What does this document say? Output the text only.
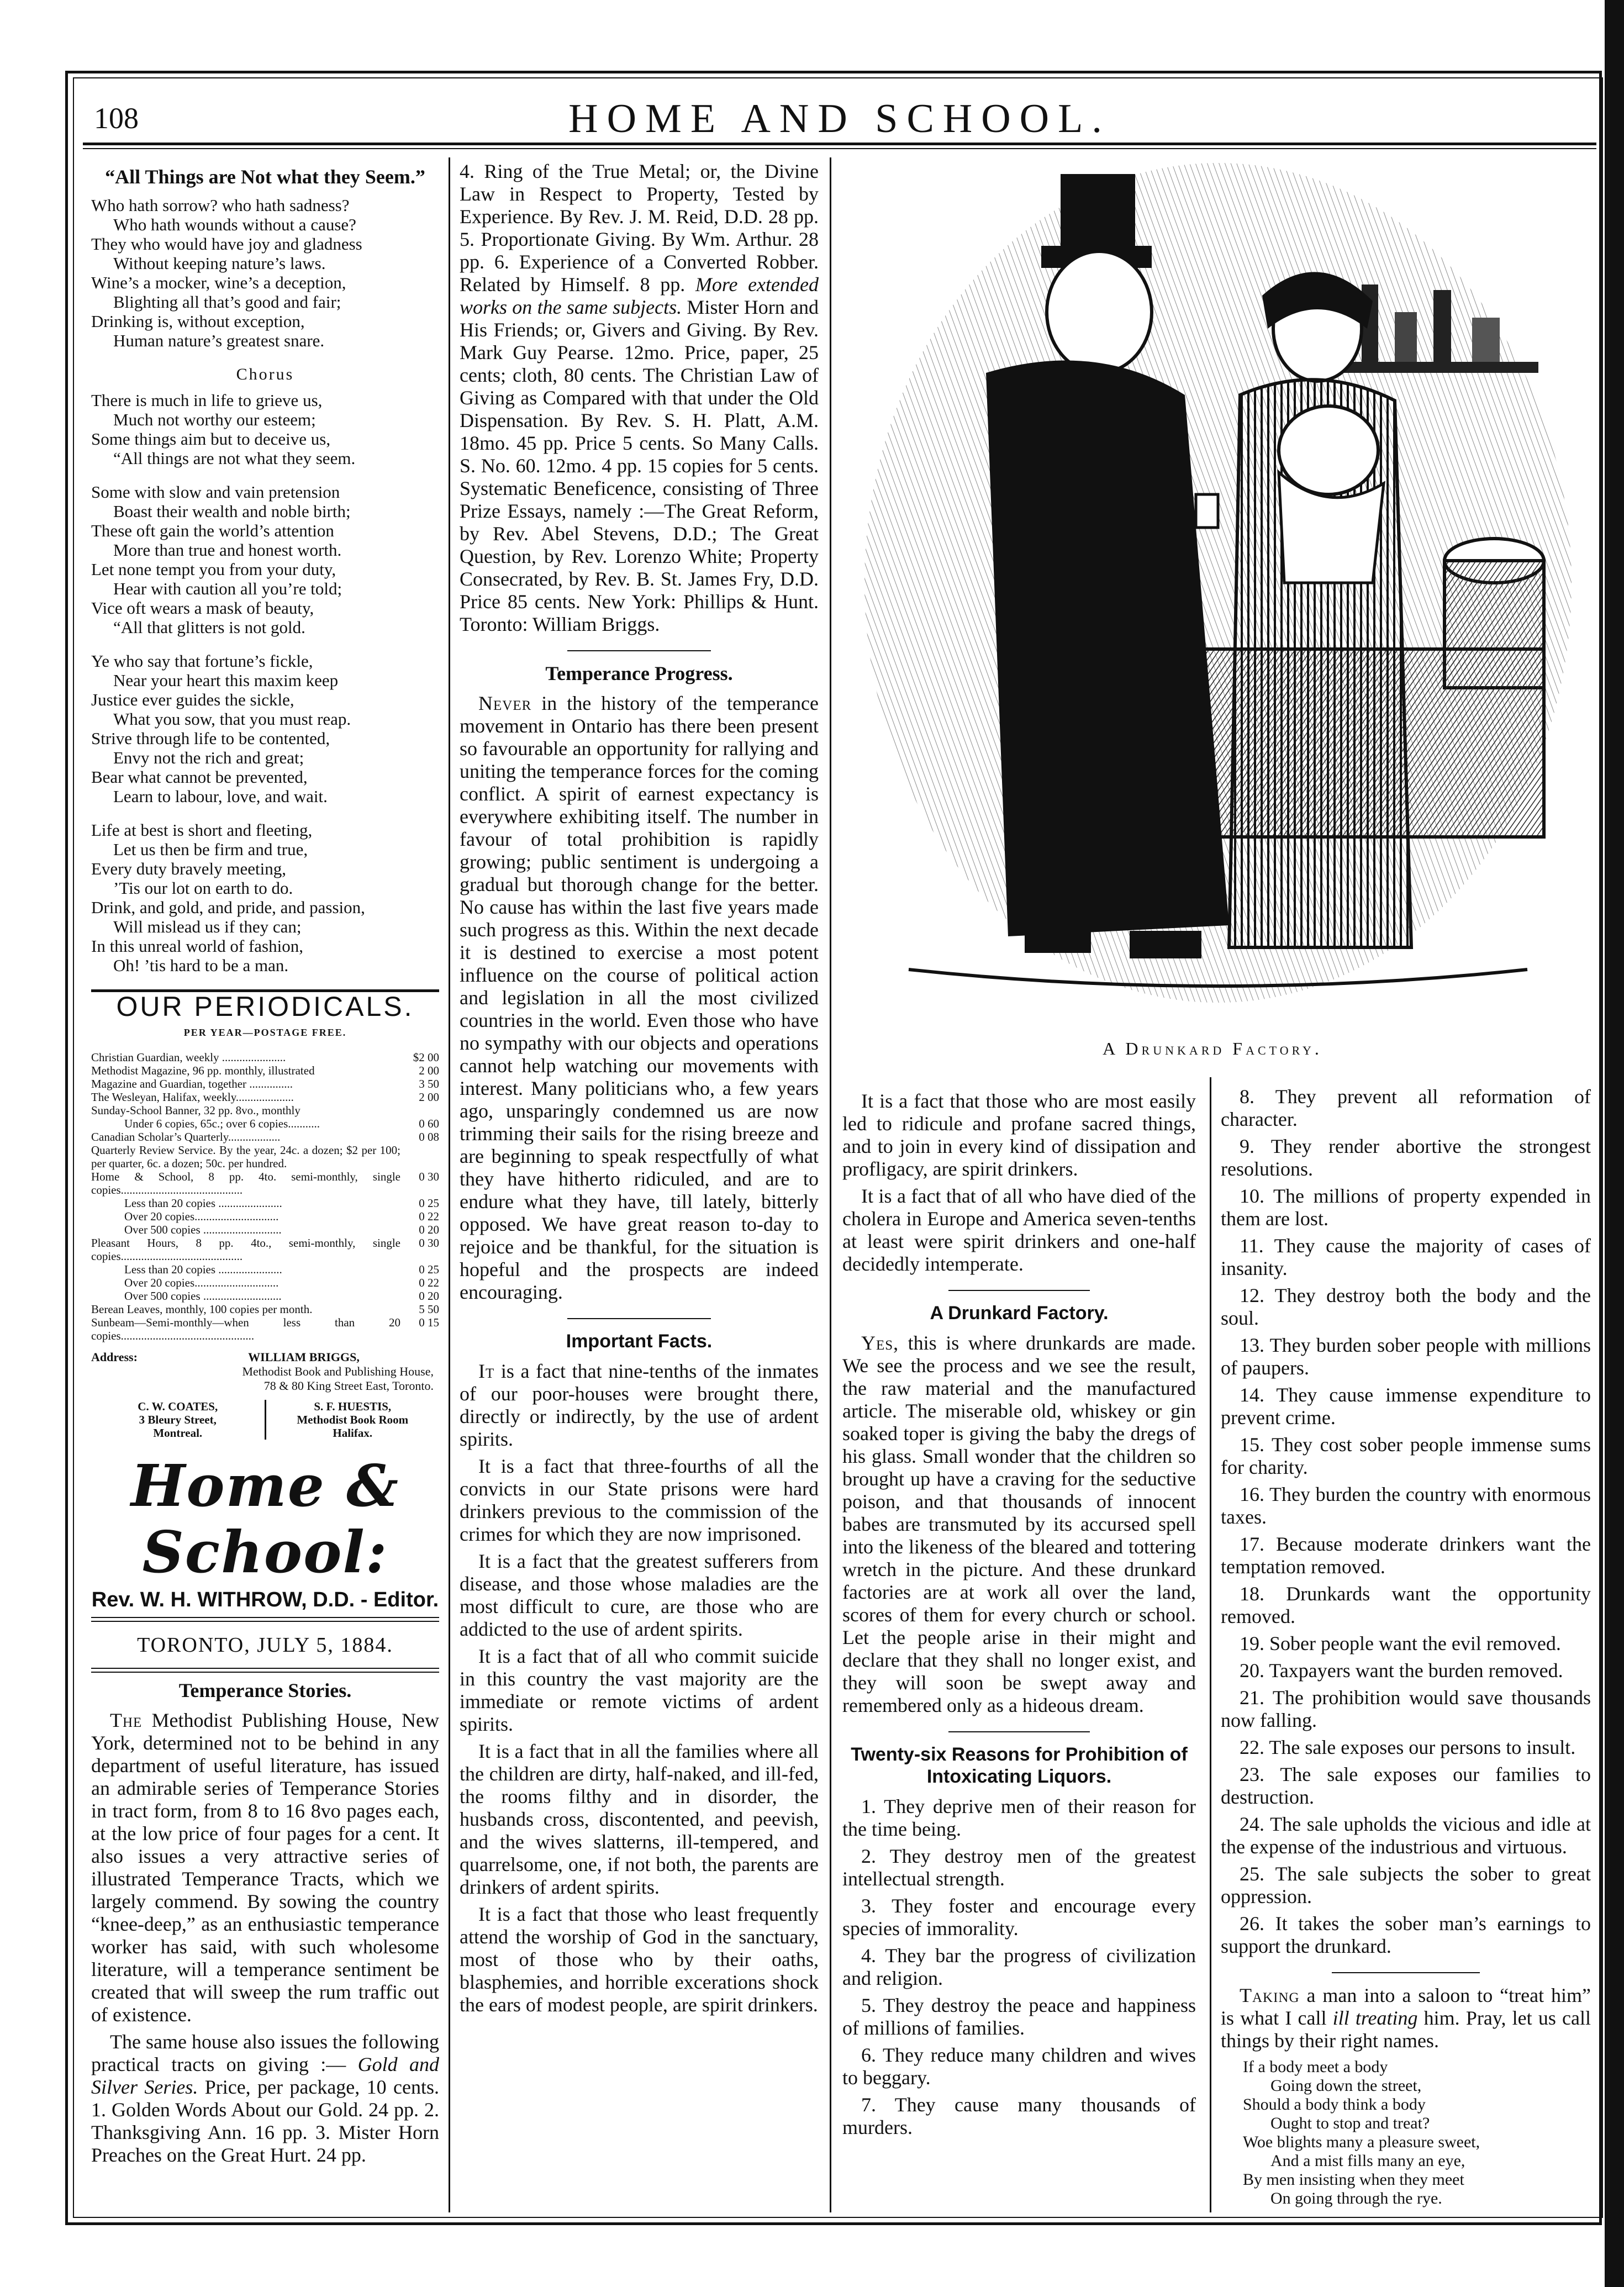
108	HOME AND SCHOOL.
“All Things are Not what they Seem.”
Who hath sorrow? who hath sadness?
Who hath wounds without a cause?
They who would have joy and gladness
Without keeping nature’s laws.
Wine’s a mocker, wine’s a deception,
Blighting all that’s good and fair;
Drinking is, without exception,
Human nature’s greatest snare.
Chorus
There is much in life to grieve us,
Much not worthy our esteem;
Some things aim but to deceive us,
“All things are not what they seem.
Some with slow and vain pretension
Boast their wealth and noble birth;
These oft gain the world’s attention
More than true and honest worth.
Let none tempt you from your duty,
Hear with caution all you’re told;
Vice oft wears a mask of beauty,
“All that glitters is not gold.
Ye who say that fortune’s fickle,
Near your heart this maxim keep
Justice ever guides the sickle,
What you sow, that you must reap.
Strive through life to be contented,
Envy not the rich and great;
Bear what cannot be prevented,
Learn to labour, love, and wait.
Life at best is short and fleeting,
Let us then be firm and true,
Every duty bravely meeting,
’Tis our lot on earth to do.
Drink, and gold, and pride, and passion,
Will mislead us if they can;
In this unreal world of fashion,
Oh! ’tis hard to be a man.
OUR PERIODICALS.
PER YEAR—POSTAGE FREE.
Christian Guardian, weekly ......................	$2 00
Methodist Magazine, 96 pp. monthly, illustrated	2 00
Magazine and Guardian, together ...............	3 50
The Wesleyan, Halifax, weekly....................	2 00
Sunday-School Banner, 32 pp. 8vo., monthly	
Under 6 copies, 65c.; over 6 copies...........	0 60
Canadian Scholar’s Quarterly..................	0 08
Quarterly Review Service. By the year, 24c. a dozen; $2 per 100; per quarter, 6c. a dozen; 50c. per hundred.	
Home & School, 8 pp. 4to. semi-monthly, single copies..........................................	0 30
Less than 20 copies ......................	0 25
Over 20 copies.............................	0 22
Over 500 copies ...........................	0 20
Pleasant Hours, 8 pp. 4to., semi-monthly, single copies..........................................	0 30
Less than 20 copies ......................	0 25
Over 20 copies.............................	0 22
Over 500 copies ...........................	0 20
Berean Leaves, monthly, 100 copies per month.	5 50
Sunbeam—Semi-monthly—when less than 20 copies..............................................	0 15
Address:	WILLIAM BRIGGS,
Methodist Book and Publishing House,
78 & 80 King Street East, Toronto.
C. W. COATES,
3 Bleury Street,
Montreal.
S. F. HUESTIS,
Methodist Book Room
Halifax.
Home & School:
Rev. W. H. WITHROW, D.D. - Editor.
TORONTO, JULY 5, 1884.
Temperance Stories.

The Methodist Publishing House, New York, determined not to be behind in any department of useful literature, has issued an admirable series of Temperance Stories in tract form, from 8 to 16 8vo pages each, at the low price of four pages for a cent. It also issues a very attractive series of illustrated Temperance Tracts, which we largely commend. By sowing the country “knee-deep,” as an enthusiastic temperance worker has said, with such wholesome literature, will a temperance sentiment be created that will sweep the rum traffic out of existence.

The same house also issues the following practical tracts on giving :— Gold and Silver Series. Price, per package, 10 cents. 1. Golden Words About our Gold. 24 pp. 2. Thanksgiving Ann. 16 pp. 3. Mister Horn Preaches on the Great Hurt. 24 pp.

4. Ring of the True Metal; or, the Divine Law in Respect to Property, Tested by Experience. By Rev. J. M. Reid, D.D. 28 pp. 5. Proportionate Giving. By Wm. Arthur. 28 pp. 6. Experience of a Converted Robber. Related by Himself. 8 pp. More extended works on the same subjects. Mister Horn and His Friends; or, Givers and Giving. By Rev. Mark Guy Pearse. 12mo. Price, paper, 25 cents; cloth, 80 cents. The Christian Law of Giving as Compared with that under the Old Dispensation. By Rev. S. H. Platt, A.M. 18mo. 45 pp. Price 5 cents. So Many Calls. S. No. 60. 12mo. 4 pp. 15 copies for 5 cents. Systematic Beneficence, consisting of Three Prize Essays, namely :—The Great Reform, by Rev. Abel Stevens, D.D.; The Great Question, by Rev. Lorenzo White; Property Consecrated, by Rev. B. St. James Fry, D.D. Price 85 cents. New York: Phillips & Hunt. Toronto: William Briggs.

Temperance Progress.

Never in the history of the temperance movement in Ontario has there been present so favourable an opportunity for rallying and uniting the temperance forces for the coming conflict. A spirit of earnest expectancy is everywhere exhibiting itself. The number in favour of total prohibition is rapidly growing; public sentiment is undergoing a gradual but thorough change for the better. No cause has within the last five years made such progress as this. Within the next decade it is destined to exercise a most potent influence on the course of political action and legislation in all the most civilized countries in the world. Even those who have no sympathy with our objects and operations cannot help watching our movements with interest. Many politicians who, a few years ago, unsparingly condemned us are now trimming their sails for the rising breeze and are beginning to speak respectfully of what they have hitherto ridiculed, and are to endure what they have, till lately, bitterly opposed. We have great reason to-day to rejoice and be thankful, for the situation is hopeful and the prospects are indeed encouraging.

Important Facts.

It is a fact that nine-tenths of the inmates of our poor-houses were brought there, directly or indirectly, by the use of ardent spirits.

It is a fact that three-fourths of all the convicts in our State prisons were hard drinkers previous to the commission of the crimes for which they are now imprisoned.

It is a fact that the greatest sufferers from disease, and those whose maladies are the most difficult to cure, are those who are addicted to the use of ardent spirits.

It is a fact that of all who commit suicide in this country the vast majority are the immediate or remote victims of ardent spirits.

It is a fact that in all the families where all the children are dirty, half-naked, and ill-fed, the rooms filthy and in disorder, the husbands cross, discontented, and peevish, and the wives slatterns, ill-tempered, and quarrelsome, one, if not both, the parents are drinkers of ardent spirits.

It is a fact that those who least frequently attend the worship of God in the sanctuary, most of those who by their oaths, blasphemies, and horrible excerations shock the ears of modest people, are spirit drinkers.

A Drunkard Factory.

It is a fact that those who are most easily led to ridicule and profane sacred things, and to join in every kind of dissipation and profligacy, are spirit drinkers.

It is a fact that of all who have died of the cholera in Europe and America seven-tenths at least were spirit drinkers and one-half decidedly intemperate.

A Drunkard Factory.

Yes, this is where drunkards are made. We see the process and we see the result, the raw material and the manufactured article. The miserable old, whiskey or gin soaked toper is giving the baby the dregs of his glass. Small wonder that the children so brought up have a craving for the seductive poison, and that thousands of innocent babes are transmuted by its accursed spell into the likeness of the bleared and tottering wretch in the picture. And these drunkard factories are at work all over the land, scores of them for every church or school. Let the people arise in their might and declare that they shall no longer exist, and they will soon be swept away and remembered only as a hideous dream.

Twenty-six Reasons for Prohibition of Intoxicating Liquors.

1. They deprive men of their reason for the time being.

2. They destroy men of the greatest intellectual strength.

3. They foster and encourage every species of immorality.

4. They bar the progress of civilization and religion.

5. They destroy the peace and happiness of millions of families.

6. They reduce many children and wives to beggary.

7. They cause many thousands of murders.

8. They prevent all reformation of character.

9. They render abortive the strongest resolutions.

10. The millions of property expended in them are lost.

11. They cause the majority of cases of insanity.

12. They destroy both the body and the soul.

13. They burden sober people with millions of paupers.

14. They cause immense expenditure to prevent crime.

15. They cost sober people immense sums for charity.

16. They burden the country with enormous taxes.

17. Because moderate drinkers want the temptation removed.

18. Drunkards want the opportunity removed.

19. Sober people want the evil removed.

20. Taxpayers want the burden removed.

21. The prohibition would save thousands now falling.

22. The sale exposes our persons to insult.

23. The sale exposes our families to destruction.

24. The sale upholds the vicious and idle at the expense of the industrious and virtuous.

25. The sale subjects the sober to great oppression.

26. It takes the sober man’s earnings to support the drunkard.

Taking a man into a saloon to “treat him” is what I call ill treating him. Pray, let us call things by their right names.

If a body meet a body
Going down the street,
Should a body think a body
Ought to stop and treat?
Woe blights many a pleasure sweet,
And a mist fills many an eye,
By men insisting when they meet
On going through the rye.
